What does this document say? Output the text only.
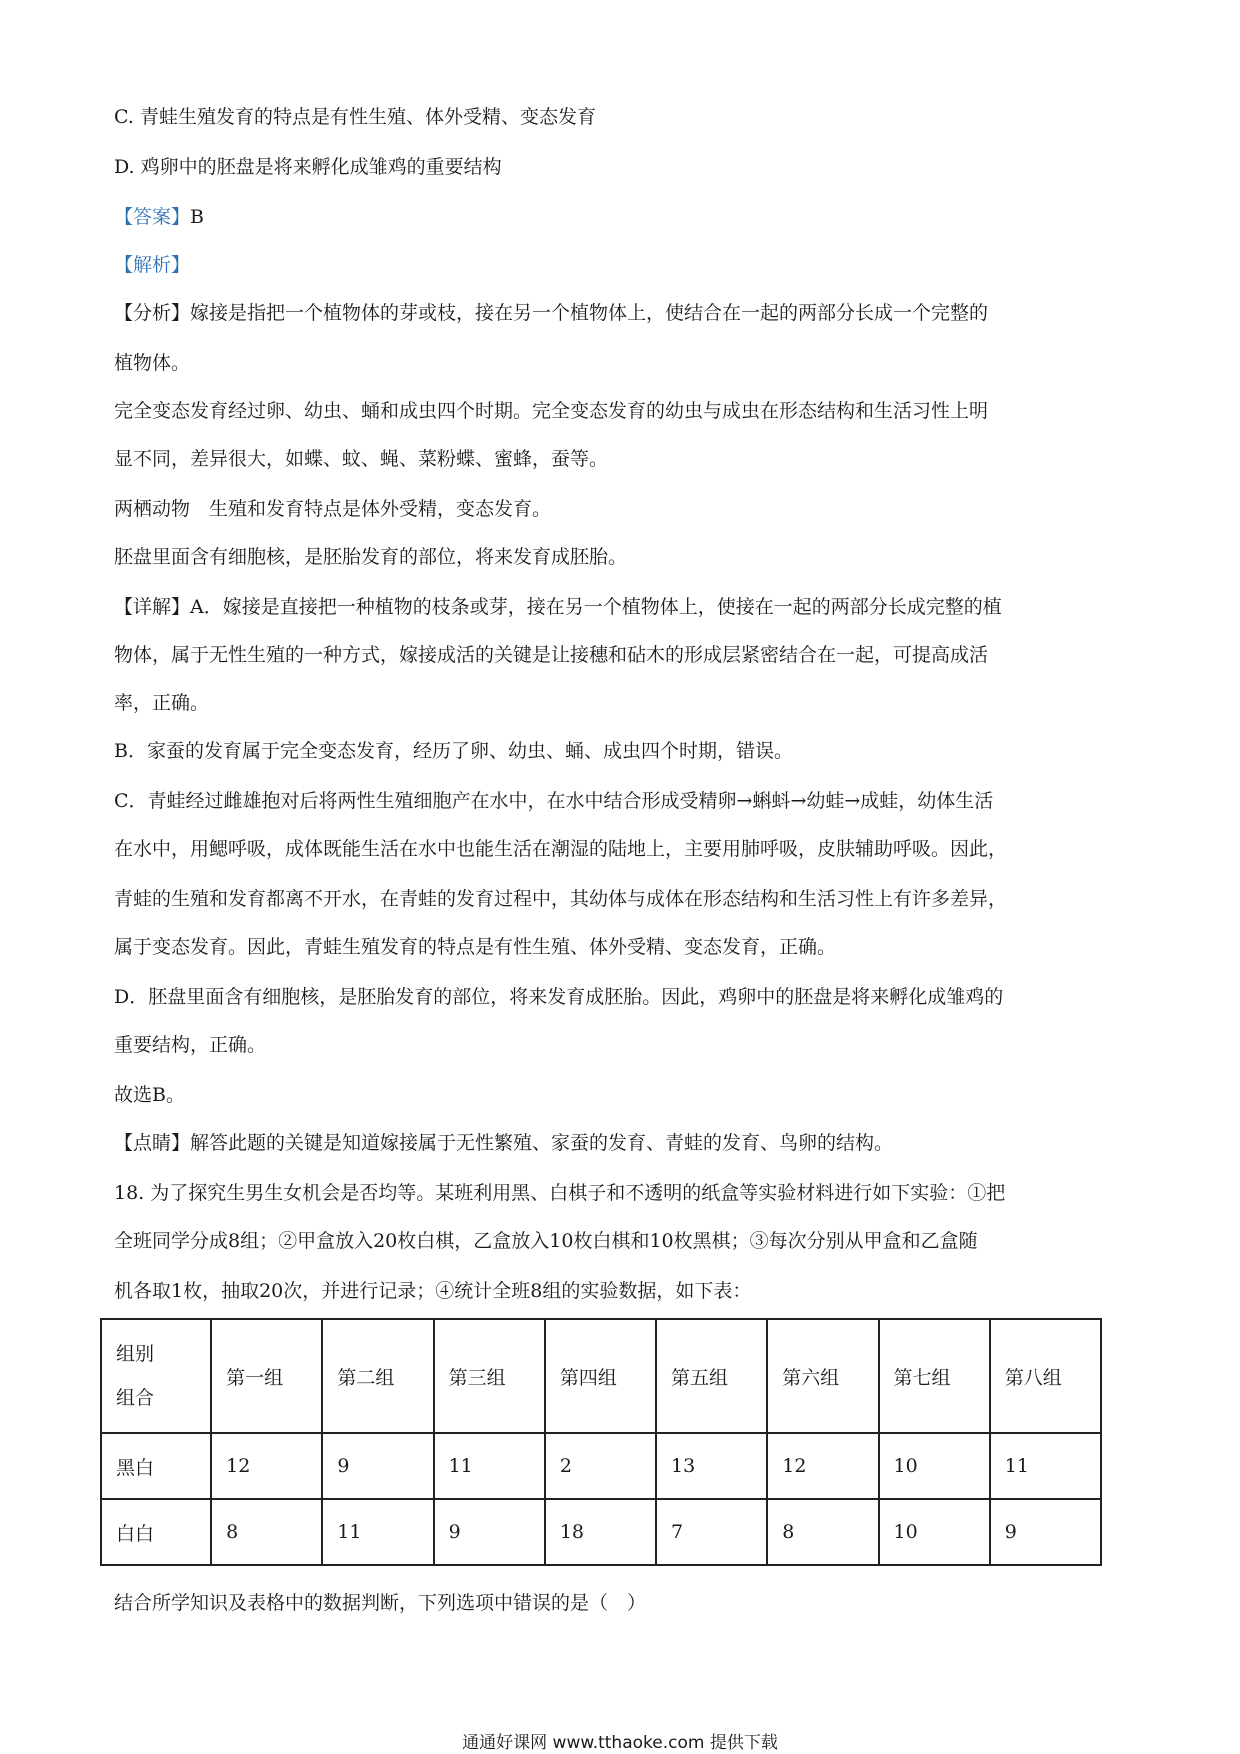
C. 青蛙生殖发育的特点是有性生殖、体外受精、变态发育
D. 鸡卵中的胚盘是将来孵化成雏鸡的重要结构
【答案】B
【解析】
【分析】嫁接是指把一个植物体的芽或枝，接在另一个植物体上，使结合在一起的两部分长成一个完整的
植物体。
完全变态发育经过卵、幼虫、蛹和成虫四个时期。完全变态发育的幼虫与成虫在形态结构和生活习性上明
显不同，差异很大，如蝶、蚊、蝇、菜粉蝶、蜜蜂，蚕等。
两栖动物　生殖和发育特点是体外受精，变态发育。
胚盘里面含有细胞核，是胚胎发育的部位，将来发育成胚胎。
【详解】A．嫁接是直接把一种植物的枝条或芽，接在另一个植物体上，使接在一起的两部分长成完整的植
物体，属于无性生殖的一种方式，嫁接成活的关键是让接穗和砧木的形成层紧密结合在一起，可提高成活
率，正确。
B．家蚕的发育属于完全变态发育，经历了卵、幼虫、蛹、成虫四个时期，错误。
C．青蛙经过雌雄抱对后将两性生殖细胞产在水中，在水中结合形成受精卵→蝌蚪→幼蛙→成蛙，幼体生活
在水中，用鳃呼吸，成体既能生活在水中也能生活在潮湿的陆地上，主要用肺呼吸，皮肤辅助呼吸。因此，
青蛙的生殖和发育都离不开水，在青蛙的发育过程中，其幼体与成体在形态结构和生活习性上有许多差异，
属于变态发育。因此，青蛙生殖发育的特点是有性生殖、体外受精、变态发育，正确。
D．胚盘里面含有细胞核，是胚胎发育的部位，将来发育成胚胎。因此，鸡卵中的胚盘是将来孵化成雏鸡的
重要结构，正确。
故选B。
【点睛】解答此题的关键是知道嫁接属于无性繁殖、家蚕的发育、青蛙的发育、鸟卵的结构。
18. 为了探究生男生女机会是否均等。某班利用黑、白棋子和不透明的纸盒等实验材料进行如下实验：①把
全班同学分成8组；②甲盒放入20枚白棋，乙盒放入10枚白棋和10枚黑棋；③每次分别从甲盒和乙盒随
机各取1枚，抽取20次，并进行记录；④统计全班8组的实验数据，如下表：
组别
组合	第一组	第二组	第三组	第四组	第五组	第六组	第七组	第八组
黑白	12	9	11	2	13	12	10	11
白白	8	11	9	18	7	8	10	9
结合所学知识及表格中的数据判断，下列选项中错误的是（　）
通通好课网 www.tthaoke.com 提供下载
